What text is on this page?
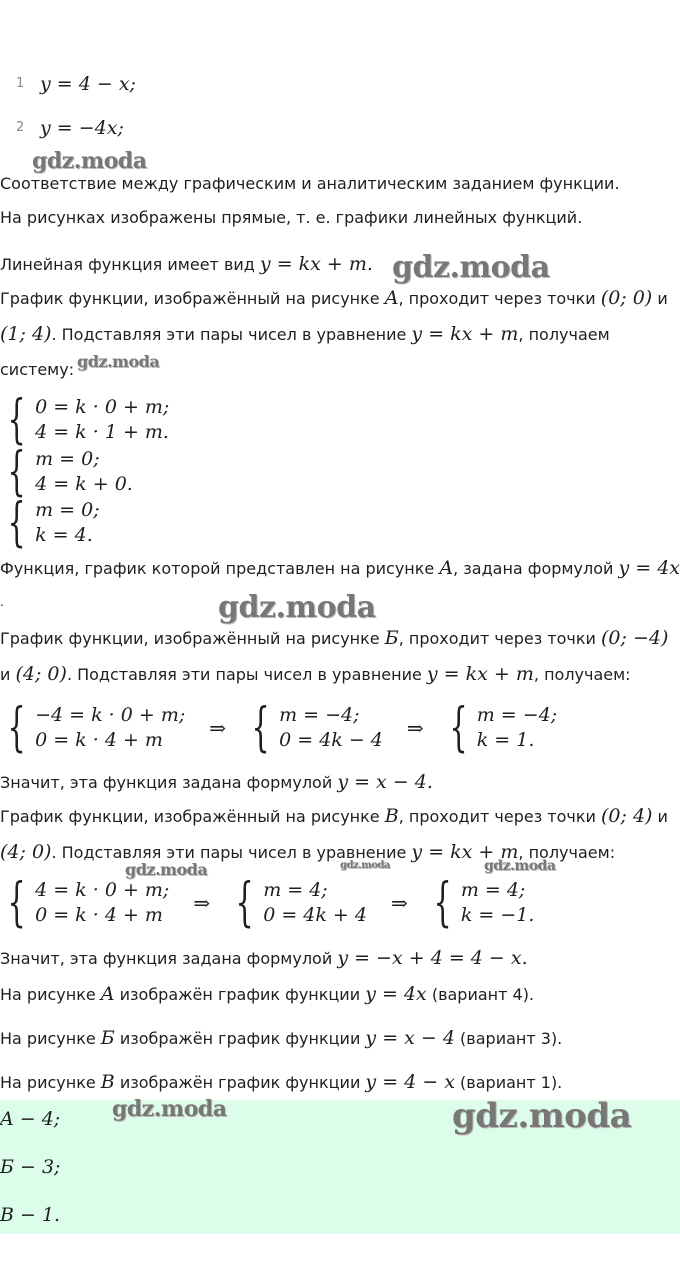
1 y = 4 − x;
2 y = −4x;
gdz.moda
gdz.moda
gdz.moda
gdz.moda
gdz.moda	gdz.moda	gdz.moda
Соответствие между графическим и аналитическим заданием функции.
На рисунках изображены прямые, т. е. графики линейных функций.
Линейная функция имеет вид y = kx + m.
График функции, изображённый на рисунке A, проходит через точки (0; 0) и
(1; 4). Подставляя эти пары чисел в уравнение y = kx + m, получаем
систему:
{ 0 = k · 0 + m;
4 = k · 1 + m.
{ m = 0;
4 = k + 0.
{ m = 0;
k = 4.
Функция, график которой представлен на рисунке A, задана формулой y = 4x
.
График функции, изображённый на рисунке Б, проходит через точки (0; −4)
и (4; 0). Подставляя эти пары чисел в уравнение y = kx + m, получаем:
{ −4 = k · 0 + m;
0 = k · 4 + m	⇒ { m = −4;
0 = 4k − 4 ⇒ { m = −4;
k = 1.
Значит, эта функция задана формулой y = x − 4.
График функции, изображённый на рисунке B, проходит через точки (0; 4) и
(4; 0). Подставляя эти пары чисел в уравнение y = kx + m, получаем:
{ 4 = k · 0 + m;
0 = k · 4 + m	⇒ { m = 4;
0 = 4k + 4 ⇒ { m = 4;
k = −1.
Значит, эта функция задана формулой y = −x + 4 = 4 − x.
На рисунке A изображён график функции y = 4x (вариант 4).
На рисунке Б изображён график функции y = x − 4 (вариант 3).
На рисунке B изображён график функции y = 4 − x (вариант 1).
A − 4;
Б − 3;
B − 1.
gdz.moda	gdz.moda
